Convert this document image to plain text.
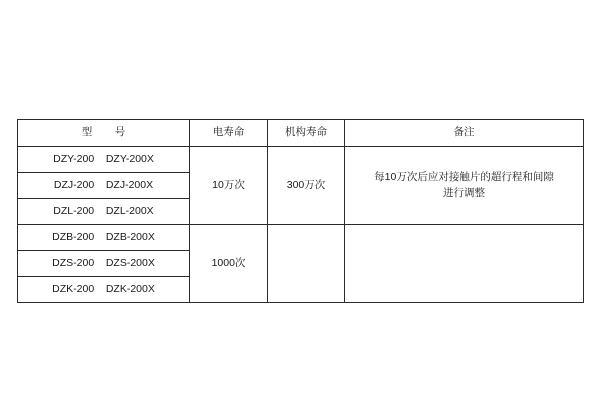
型　号	电寿命	机构寿命	备注
DZY-200    DZY-200X	10万次	300万次	每10万次后应对接触片的超行程和间隙
进行调整

DZJ-200    DZJ-200X			
DZL-200    DZL-200X			
DZB-200    DZB-200X	1000次		
DZS-200    DZS-200X			
DZK-200    DZK-200X			
